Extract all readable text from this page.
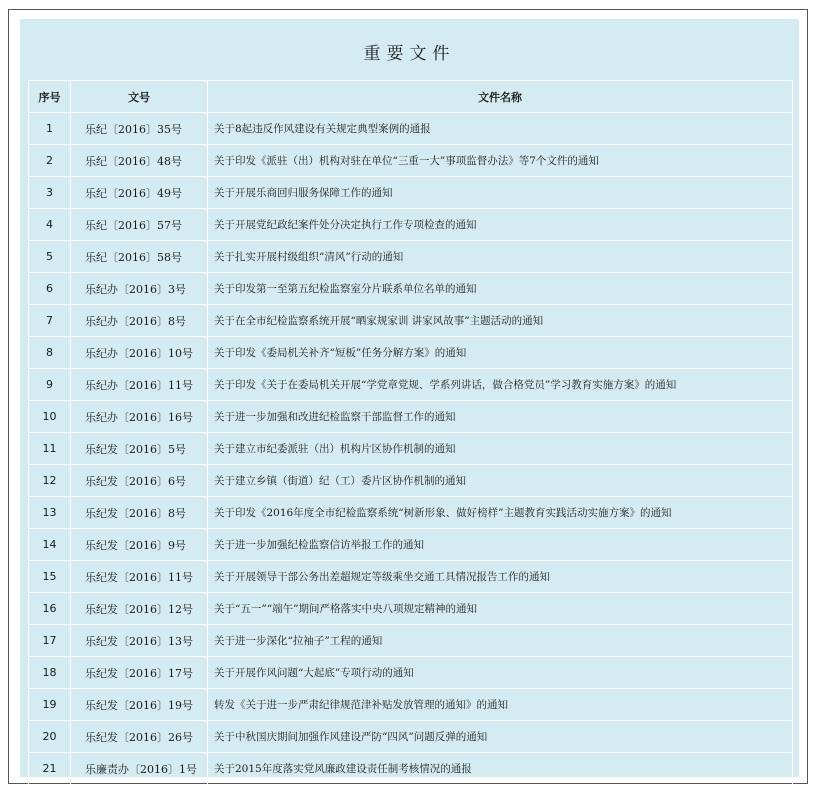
重要文件
序号	文号	文件名称
1	乐纪〔2016〕35号	关于8起违反作风建设有关规定典型案例的通报
2	乐纪〔2016〕48号	关于印发《派驻（出）机构对驻在单位“三重一大”事项监督办法》等7个文件的通知
3	乐纪〔2016〕49号	关于开展乐商回归服务保障工作的通知
4	乐纪〔2016〕57号	关于开展党纪政纪案件处分决定执行工作专项检查的通知
5	乐纪〔2016〕58号	关于扎实开展村级组织“清风”行动的通知
6	乐纪办〔2016〕3号	关于印发第一至第五纪检监察室分片联系单位名单的通知
7	乐纪办〔2016〕8号	关于在全市纪检监察系统开展“晒家规家训 讲家风故事”主题活动的通知
8	乐纪办〔2016〕10号	关于印发《委局机关补齐“短板”任务分解方案》的通知
9	乐纪办〔2016〕11号	关于印发《关于在委局机关开展“学党章党规、学系列讲话，做合格党员”学习教育实施方案》的通知
10	乐纪办〔2016〕16号	关于进一步加强和改进纪检监察干部监督工作的通知
11	乐纪发〔2016〕5号	关于建立市纪委派驻（出）机构片区协作机制的通知
12	乐纪发〔2016〕6号	关于建立乡镇（街道）纪（工）委片区协作机制的通知
13	乐纪发〔2016〕8号	关于印发《2016年度全市纪检监察系统“树新形象、做好榜样”主题教育实践活动实施方案》的通知
14	乐纪发〔2016〕9号	关于进一步加强纪检监察信访举报工作的通知
15	乐纪发〔2016〕11号	关于开展领导干部公务出差超规定等级乘坐交通工具情况报告工作的通知
16	乐纪发〔2016〕12号	关于“五一”“端午”期间严格落实中央八项规定精神的通知
17	乐纪发〔2016〕13号	关于进一步深化“拉袖子”工程的通知
18	乐纪发〔2016〕17号	关于开展作风问题“大起底”专项行动的通知
19	乐纪发〔2016〕19号	转发《关于进一步严肃纪律规范津补贴发放管理的通知》的通知
20	乐纪发〔2016〕26号	关于中秋国庆期间加强作风建设严防“四风”问题反弹的通知
21	乐廉责办〔2016〕1号	关于2015年度落实党风廉政建设责任制考核情况的通报
